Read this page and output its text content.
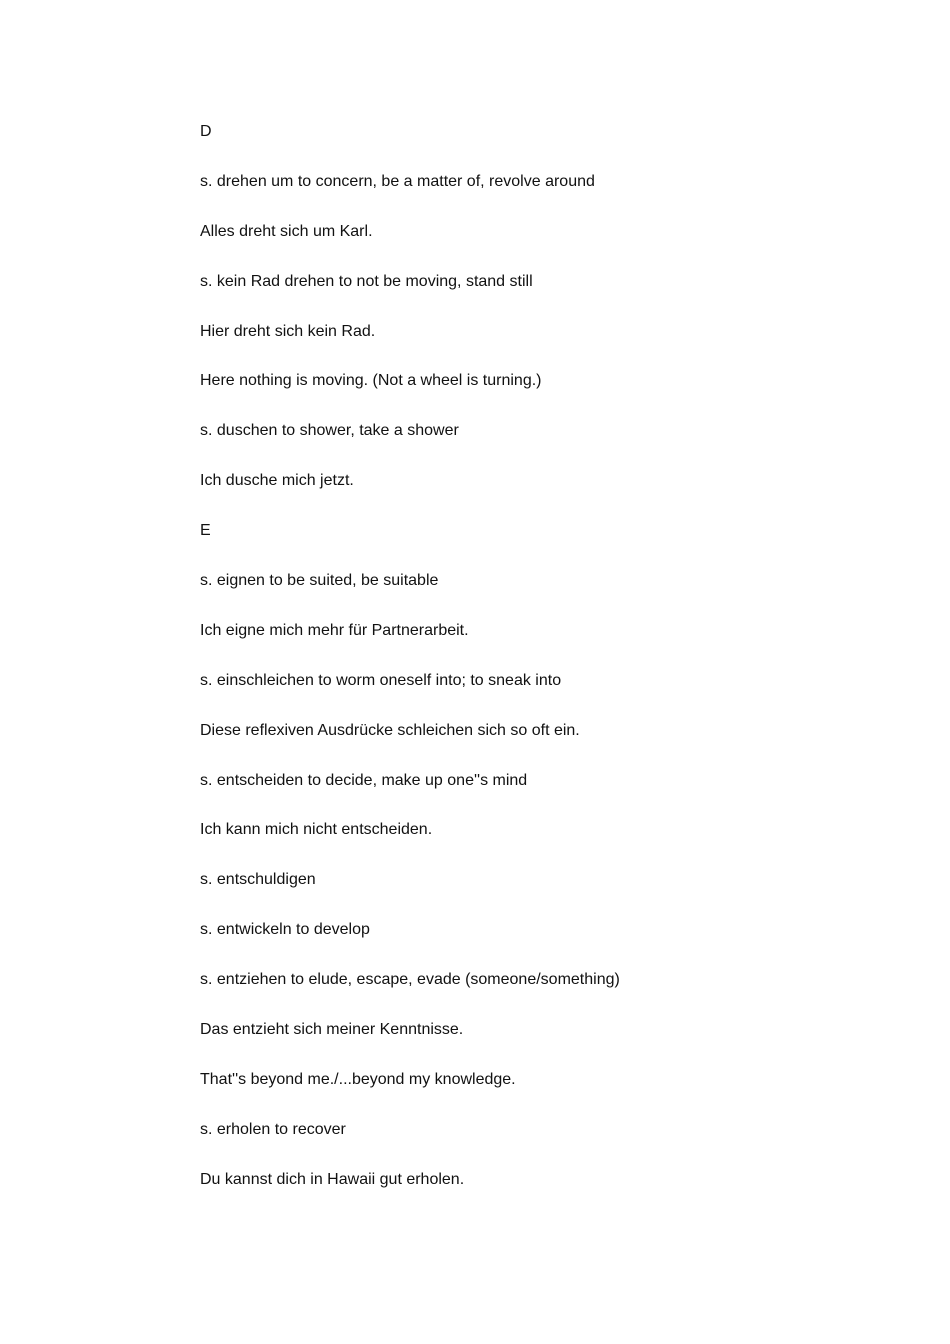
D
s. drehen um to concern, be a matter of, revolve around
Alles dreht sich um Karl.
s. kein Rad drehen to not be moving, stand still
Hier dreht sich kein Rad.
Here nothing is moving. (Not a wheel is turning.)
s. duschen to shower, take a shower
Ich dusche mich jetzt.
E
s. eignen to be suited, be suitable
Ich eigne mich mehr für Partnerarbeit.
s. einschleichen to worm oneself into; to sneak into
Diese reflexiven Ausdrücke schleichen sich so oft ein.
s. entscheiden to decide, make up one''s mind
Ich kann mich nicht entscheiden.
s. entschuldigen
s. entwickeln to develop
s. entziehen to elude, escape, evade (someone/something)
Das entzieht sich meiner Kenntnisse.
That''s beyond me./...beyond my knowledge.
s. erholen to recover
Du kannst dich in Hawaii gut erholen.
